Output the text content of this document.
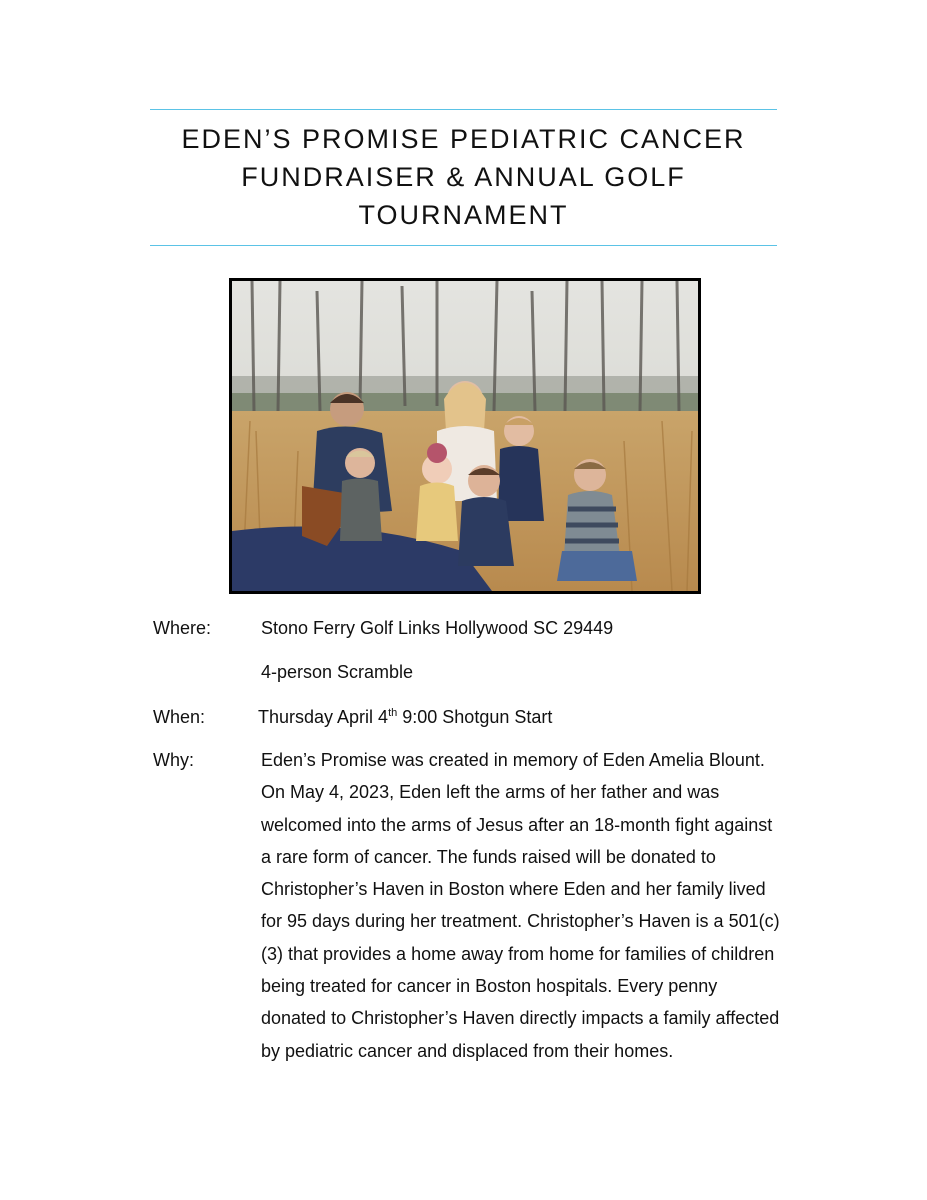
EDEN’S PROMISE PEDIATRIC CANCER
FUNDRAISER & ANNUAL GOLF
TOURNAMENT
Where:	Stono Ferry Golf Links Hollywood SC 29449
4-person Scramble
When:	Thursday April 4th 9:00 Shotgun Start
Why:	Eden’s Promise was created in memory of Eden Amelia Blount. On May 4, 2023, Eden left the arms of her father and was welcomed into the arms of Jesus after an 18-month fight against a rare form of cancer. The funds raised will be donated to Christopher’s Haven in Boston where Eden and her family lived for 95 days during her treatment. Christopher’s Haven is a 501(c)(3) that provides a home away from home for families of children being treated for cancer in Boston hospitals. Every penny donated to Christopher’s Haven directly impacts a family affected by pediatric cancer and displaced from their homes.
